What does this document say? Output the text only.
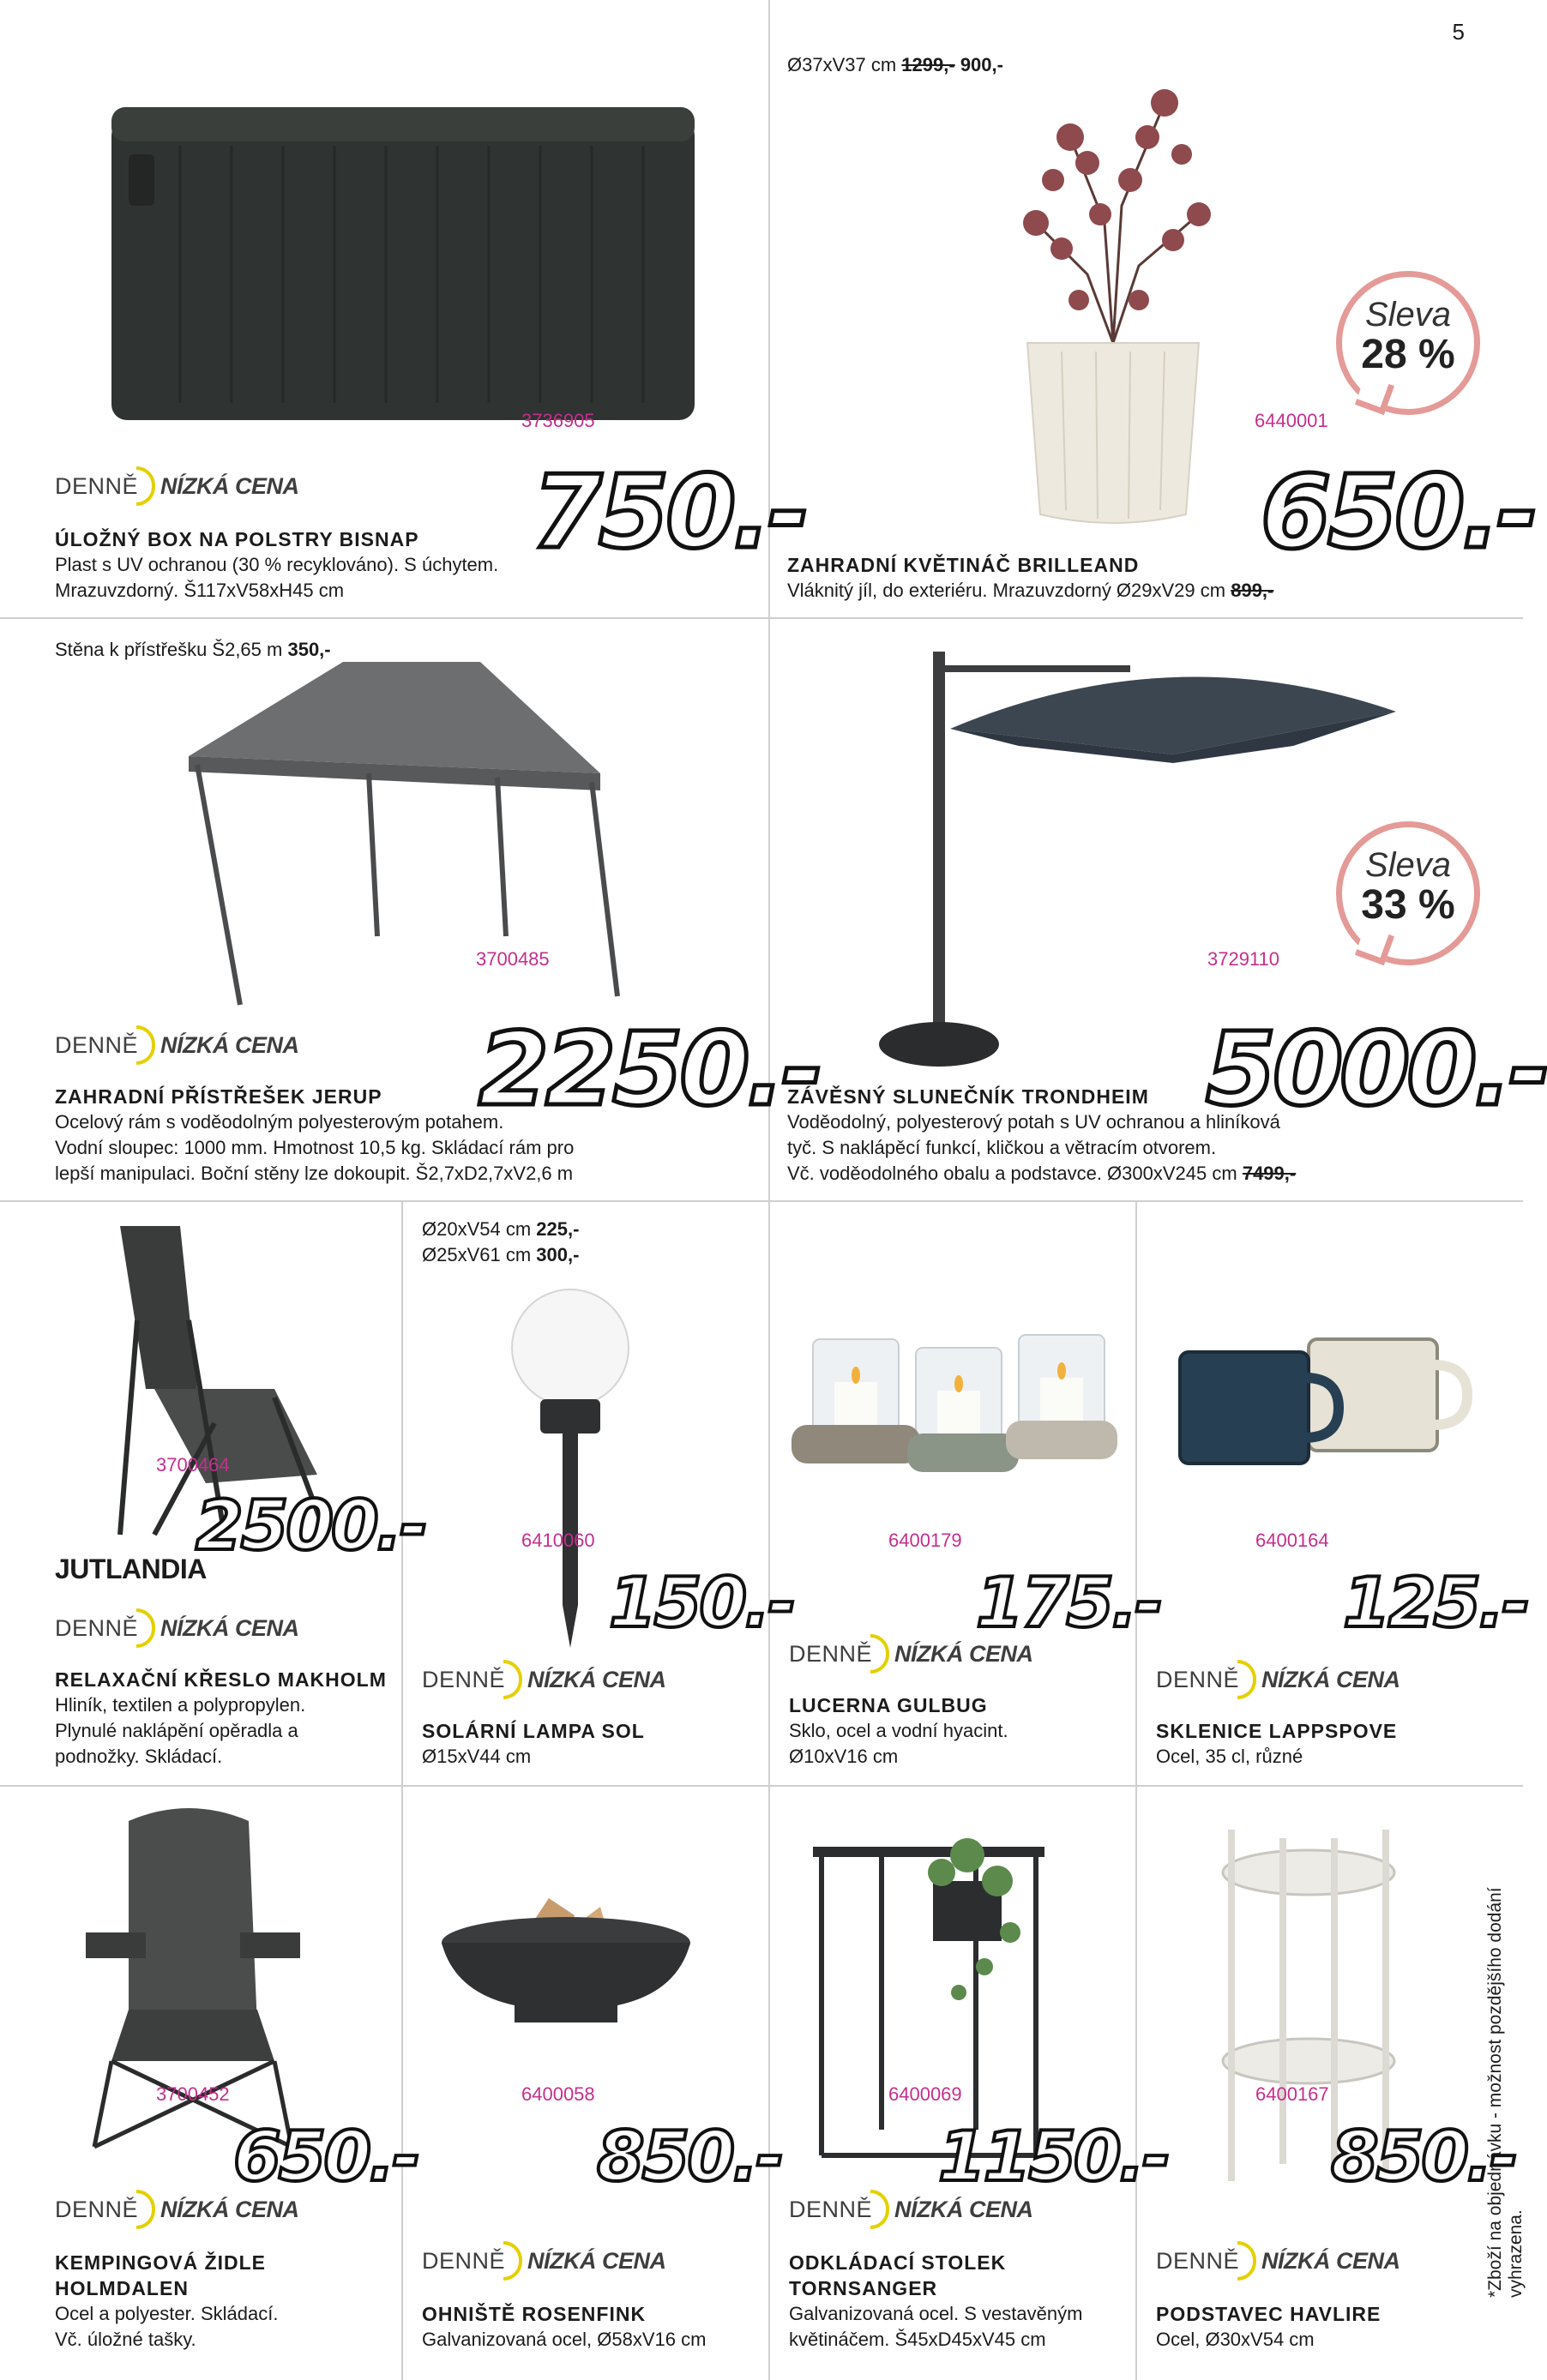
5
*Zboží na objednávku - možnost pozdějšího dodání vyhrazena.
3736905
DENNĚ NÍZKÁ CENA 750.-
ÚLOŽNÝ BOX NA POLSTRY BISNAP
Plast s UV ochranou (30 % recyklováno). S úchytem.
Mrazuvzdorný. Š117xV58xH45 cm
Ø37xV37 cm 1299,- 900,-
Sleva
28 %
6440001
650.-
ZAHRADNÍ KVĚTINÁČ BRILLEAND
Vláknitý jíl, do exteriéru. Mrazuvzdorný Ø29xV29 cm 899,-
Stěna k přístřešku Š2,65 m 350,-
3700485
DENNĚ NÍZKÁ CENA 2250.-
ZAHRADNÍ PŘÍSTŘEŠEK JERUP
Ocelový rám s voděodolným polyesterovým potahem.
Vodní sloupec: 1000 mm. Hmotnost 10,5 kg. Skládací rám pro
lepší manipulaci. Boční stěny lze dokoupit. Š2,7xD2,7xV2,6 m
Sleva
33 %
3729110
5000.-
ZÁVĚSNÝ SLUNEČNÍK TRONDHEIM
Voděodolný, polyesterový potah s UV ochranou a hliníková
tyč. S naklápěcí funkcí, kličkou a větracím otvorem.
Vč. voděodolného obalu a podstavce. Ø300xV245 cm 7499,-
3700464
2500.-
JUTLANDIA
DENNĚ NÍZKÁ CENA
RELAXAČNÍ KŘESLO MAKHOLM
Hliník, textilen a polypropylen.
Plynulé naklápění opěradla a
podnožky. Skládací.
Ø20xV54 cm 225,-
Ø25xV61 cm 300,-
6410060
150.-
DENNĚ NÍZKÁ CENA
SOLÁRNÍ LAMPA SOL
Ø15xV44 cm
6400179
175.-
DENNĚ NÍZKÁ CENA
LUCERNA GULBUG
Sklo, ocel a vodní hyacint.
Ø10xV16 cm
6400164
125.-
DENNĚ NÍZKÁ CENA
SKLENICE LAPPSPOVE
Ocel, 35 cl, různé
3700452
650.-
DENNĚ NÍZKÁ CENA
KEMPINGOVÁ ŽIDLE
HOLMDALEN
Ocel a polyester. Skládací.
Vč. úložné tašky.
6400058
850.-
DENNĚ NÍZKÁ CENA
OHNIŠTĚ ROSENFINK
Galvanizovaná ocel, Ø58xV16 cm
6400069
1150.-
DENNĚ NÍZKÁ CENA
ODKLÁDACÍ STOLEK
TORNSANGER
Galvanizovaná ocel. S vestavěným
květináčem. Š45xD45xV45 cm
6400167
850.-
DENNĚ NÍZKÁ CENA
PODSTAVEC HAVLIRE
Ocel, Ø30xV54 cm
